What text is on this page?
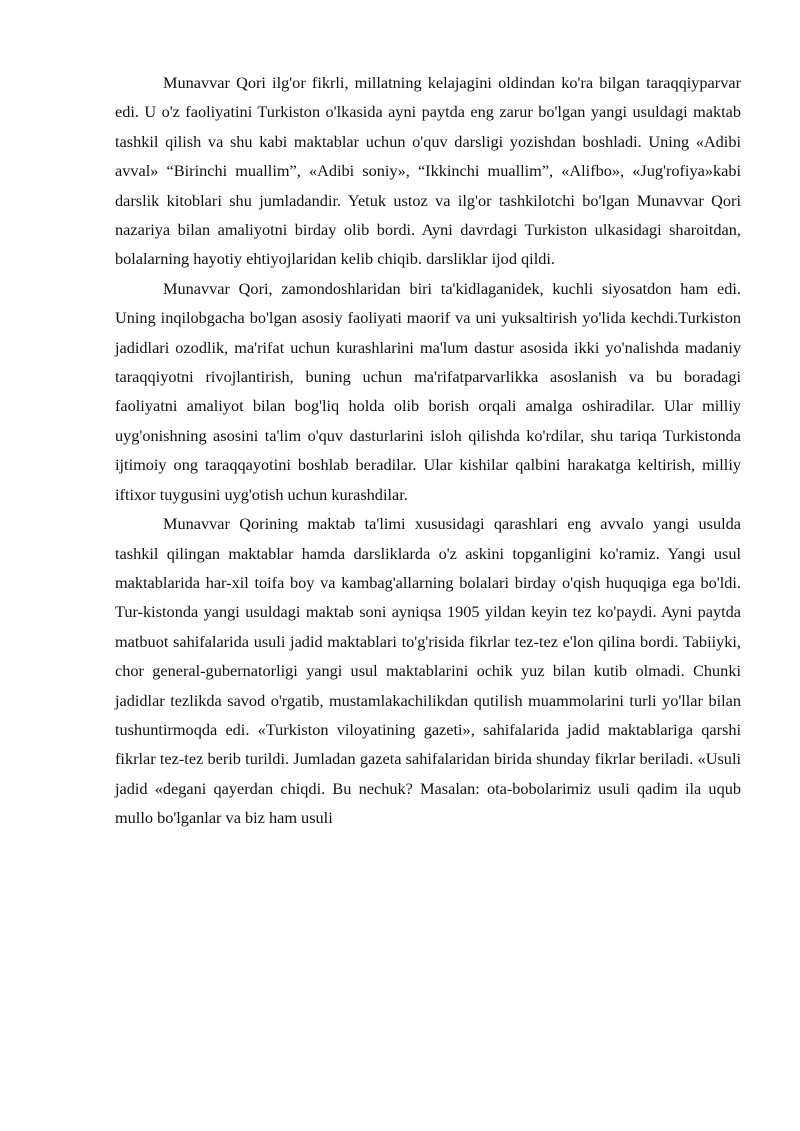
Munavvar Qori ilg'or fikrli, millatning kelajagini oldindan ko'ra bilgan taraqqiyparvar edi. U o'z faoliyatini Turkiston o'lkasida ayni paytda eng zarur bo'lgan yangi usuldagi maktab tashkil qilish va shu kabi maktablar uchun o'quv darsligi yozishdan boshladi. Uning «Adibi avval» “Birinchi muallim”, «Adibi soniy», “Ikkinchi muallim”, «Alifbo», «Jug'rofiya»kabi darslik kitoblari shu jumladandir. Yetuk ustoz va ilg'or tashkilotchi bo'lgan Munavvar Qori nazariya bilan amaliyotni birday olib bordi. Ayni davrdagi Turkiston ulkasidagi sharoitdan, bolalarning hayotiy ehtiyojlaridan kelib chiqib. darsliklar ijod qildi.

Munavvar Qori, zamondoshlaridan biri ta'kidlaganidek, kuchli siyosatdon ham edi. Uning inqilobgacha bo'lgan asosiy faoliyati maorif va uni yuksaltirish yo'lida kechdi.Turkiston jadidlari ozodlik, ma'rifat uchun kurashlarini ma'lum dastur asosida ikki yo'nalishda madaniy taraqqiyotni rivojlantirish, buning uchun ma'rifatparvarlikka asoslanish va bu boradagi faoliyatni amaliyot bilan bog'liq holda olib borish orqali amalga oshiradilar. Ular milliy uyg'onishning asosini ta'lim o'quv dasturlarini isloh qilishda ko'rdilar, shu tariqa Turkistonda ijtimoiy ong taraqqayotini boshlab beradilar. Ular kishilar qalbini harakatga keltirish, milliy iftixor tuygusini uyg'otish uchun kurashdilar.

Munavvar Qorining maktab ta'limi xususidagi qarashlari eng avvalo yangi usulda tashkil qilingan maktablar hamda darsliklarda o'z askini topganligini ko'ramiz. Yangi usul maktablarida har-xil toifa boy va kambag'allarning bolalari birday o'qish huquqiga ega bo'ldi. Tur-kistonda yangi usuldagi maktab soni ayniqsa 1905 yildan keyin tez ko'paydi. Ayni paytda matbuot sahifalarida usuli jadid maktablari to'g'risida fikrlar tez-tez e'lon qilina bordi. Tabiiyki, chor general-gubernatorligi yangi usul maktablarini ochik yuz bilan kutib olmadi. Chunki jadidlar tezlikda savod o'rgatib, mustamlakachilikdan qutilish muammolarini turli yo'llar bilan tushuntirmoqda edi. «Turkiston viloyatining gazeti», sahifalarida jadid maktablariga qarshi fikrlar tez-tez berib turildi. Jumladan gazeta sahifalaridan birida shunday fikrlar beriladi. «Usuli jadid «degani qayerdan chiqdi. Bu nechuk? Masalan: ota-bobolarimiz usuli qadim ila uqub mullo bo'lganlar va biz ham usuli
